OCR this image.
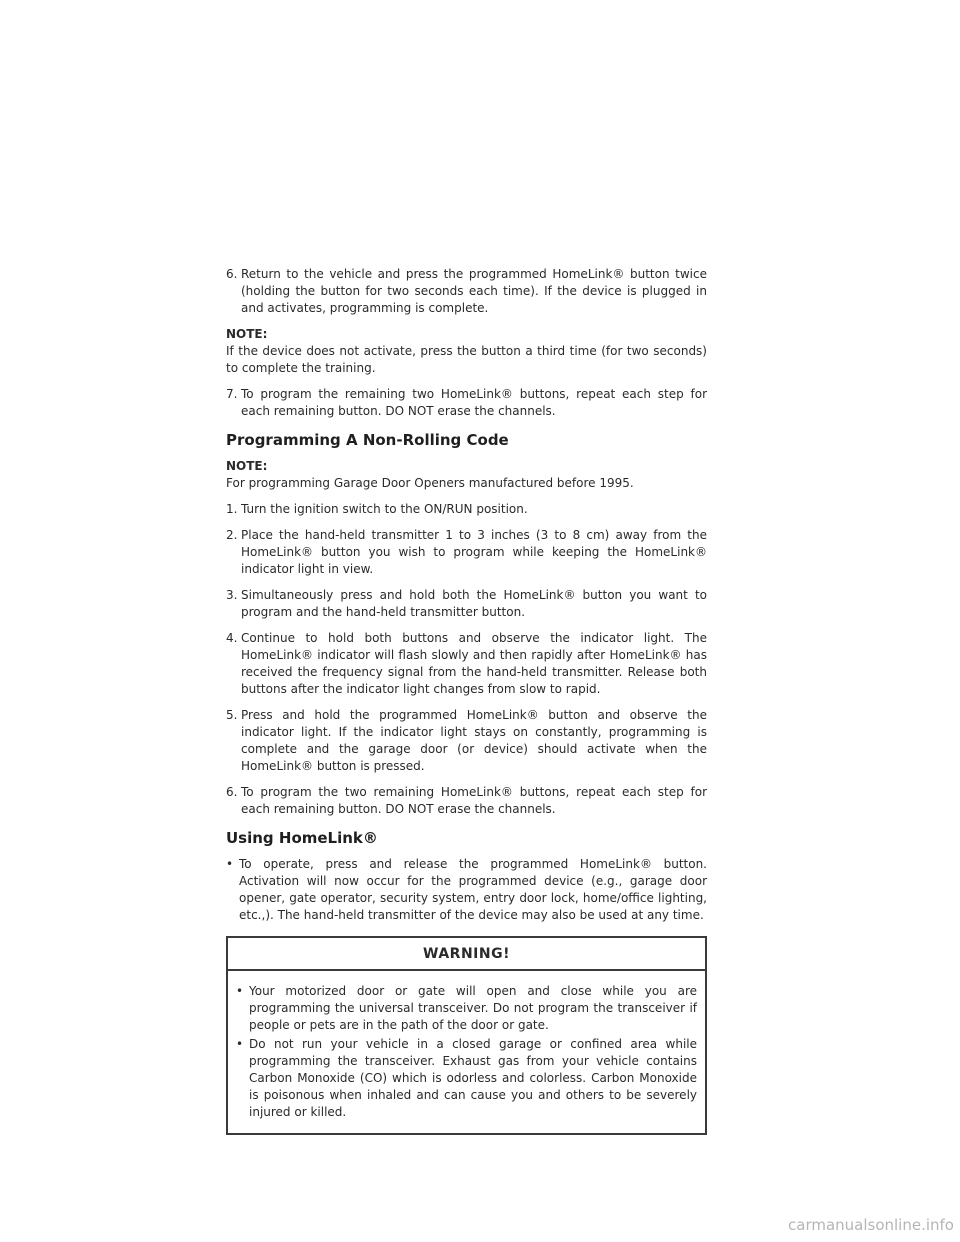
6. Return to the vehicle and press the programmed HomeLink® button twice (holding the button for two seconds each time). If the device is plugged in and activates, programming is complete.

NOTE:

If the device does not activate, press the button a third time (for two seconds) to complete the training.

7. To program the remaining two HomeLink® buttons, repeat each step for each remaining button. DO NOT erase the channels.
Programming A Non-Rolling Code

NOTE:

For programming Garage Door Openers manufactured before 1995.

1. Turn the ignition switch to the ON/RUN position.
2. Place the hand-held transmitter 1 to 3 inches (3 to 8 cm) away from the HomeLink® button you wish to program while keeping the HomeLink® indicator light in view.
3. Simultaneously press and hold both the HomeLink® button you want to program and the hand-held transmitter button.
4. Continue to hold both buttons and observe the indicator light. The HomeLink® indicator will flash slowly and then rapidly after HomeLink® has received the frequency signal from the hand-held transmitter. Release both buttons after the indicator light changes from slow to rapid.
5. Press and hold the programmed HomeLink® button and observe the indicator light. If the indicator light stays on constantly, programming is complete and the garage door (or device) should activate when the HomeLink® button is pressed.
6. To program the two remaining HomeLink® buttons, repeat each step for each remaining button. DO NOT erase the channels.
Using HomeLink®
• To operate, press and release the programmed HomeLink® button. Activation will now occur for the programmed device (e.g., garage door opener, gate operator, security system, entry door lock, home/office lighting, etc.,). The hand-held transmitter of the device may also be used at any time.
WARNING!
• Your motorized door or gate will open and close while you are programming the universal transceiver. Do not program the transceiver if people or pets are in the path of the door or gate.
• Do not run your vehicle in a closed garage or confined area while programming the transceiver. Exhaust gas from your vehicle contains Carbon Monoxide (CO) which is odorless and colorless. Carbon Monoxide is poisonous when inhaled and can cause you and others to be severely injured or killed.
carmanualsonline.info
